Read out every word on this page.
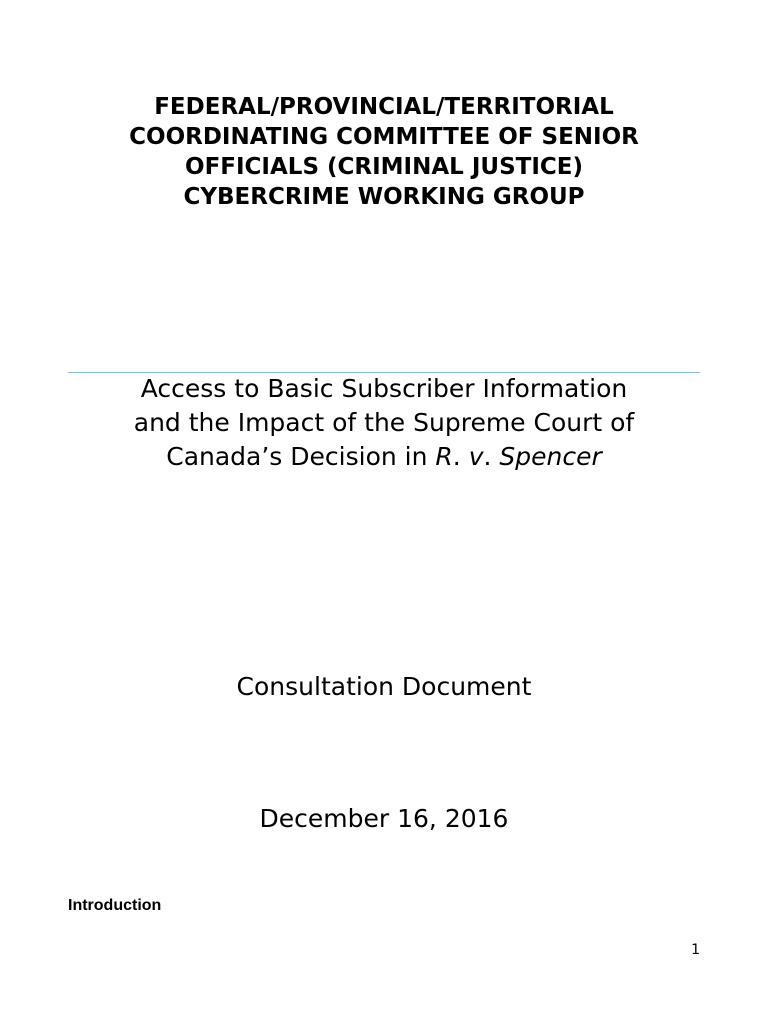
FEDERAL/PROVINCIAL/TERRITORIAL
COORDINATING COMMITTEE OF SENIOR
OFFICIALS (CRIMINAL JUSTICE)
CYBERCRIME WORKING GROUP
Access to Basic Subscriber Information
and the Impact of the Supreme Court of
Canada’s Decision in R. v. Spencer
Consultation Document
December 16, 2016
Introduction
1
